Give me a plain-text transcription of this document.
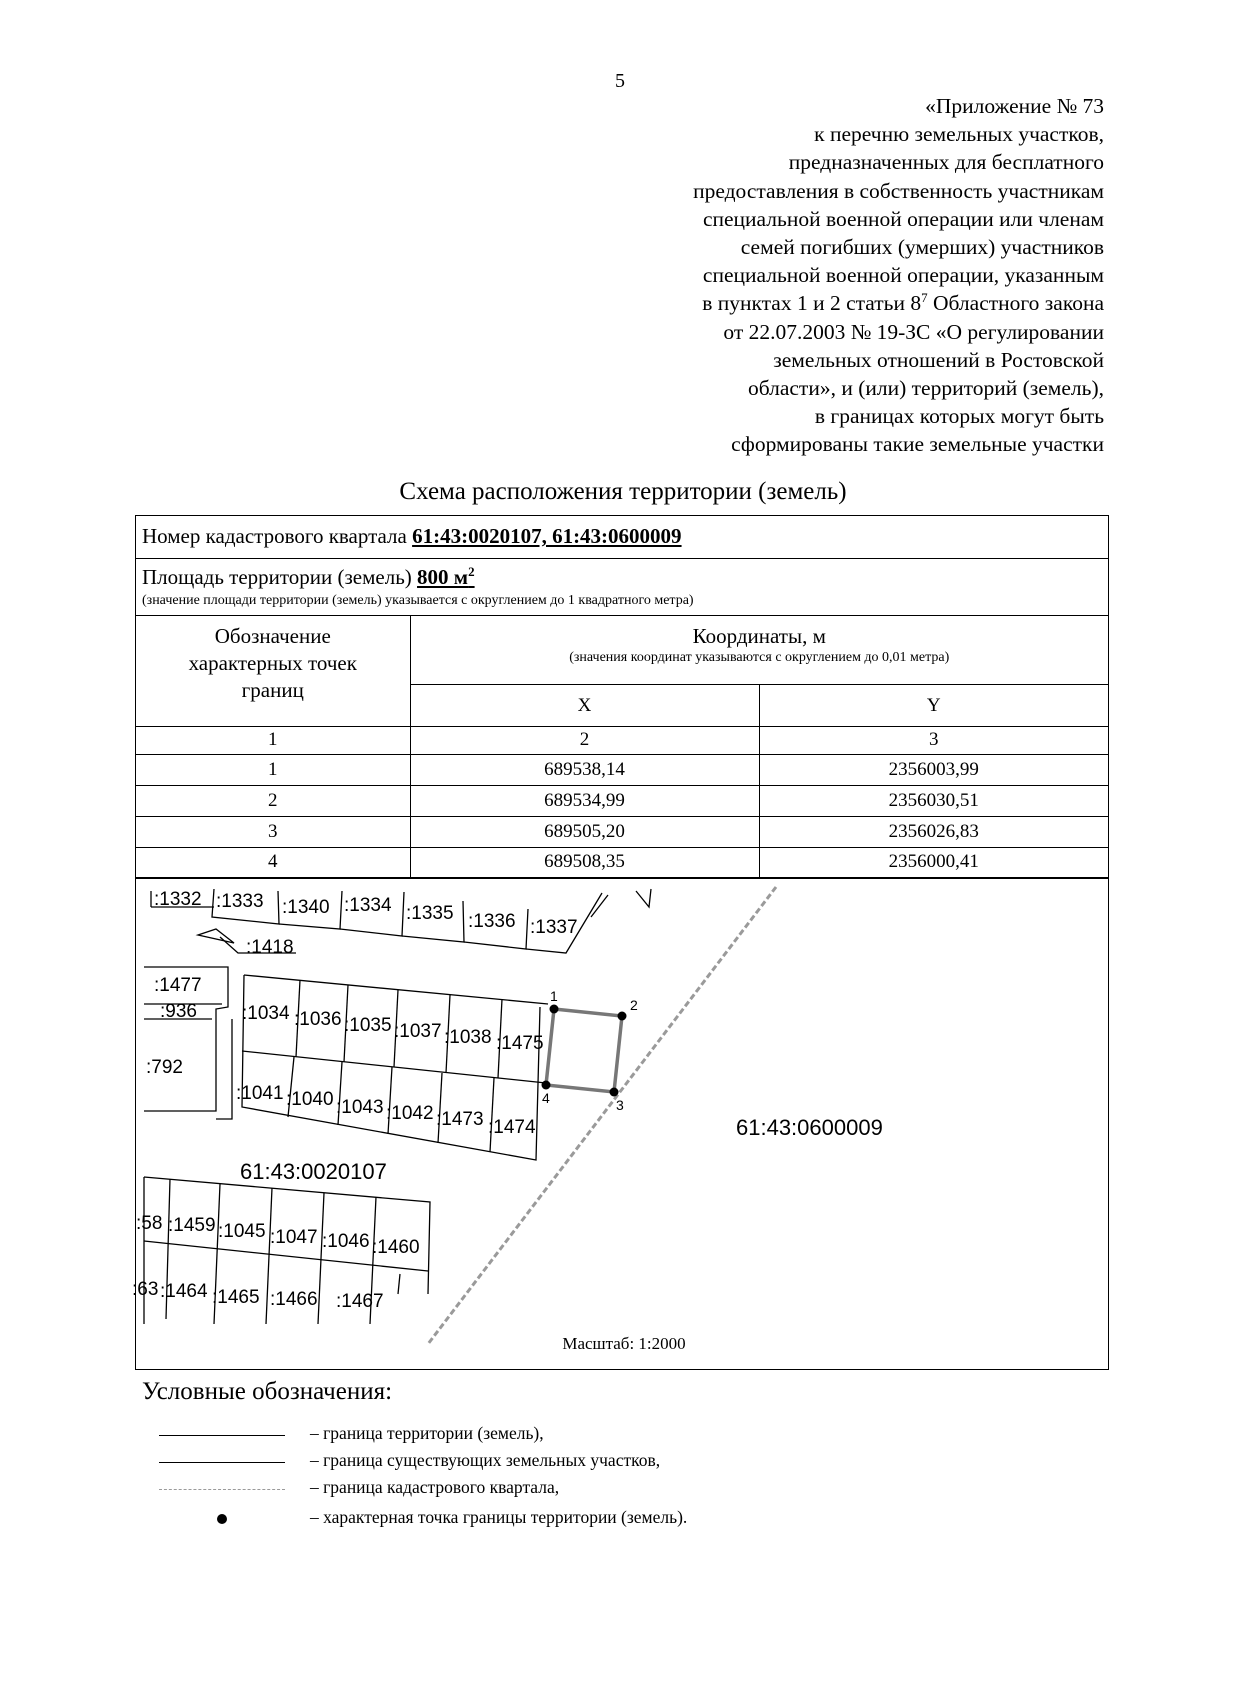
5
«Приложение № 73
к перечню земельных участков,
предназначенных для бесплатного
предоставления в собственность участникам
специальной военной операции или членам
семей погибших (умерших) участников
специальной военной операции, указанным
в пунктах 1 и 2 статьи $8^7$ Областного закона
от 22.07.2003 № 19-ЗС «О регулировании
земельных отношений в Ростовской
области», и (или) территорий (земель),
в границах которых могут быть
сформированы такие земельные участки
Схема расположения территории (земель)
Номер кадастрового квартала 61:43:0020107, 61:43:0600009
Площадь территории (земель) 800 $м^2$
(значение площади территории (земель) указывается с округлением до 1 квадратного метра)
Обозначение характерных точек границ	Координаты, м
(значения координат указываются с округлением до 0,01 метра)	

	X	Y
1	2	3
1	689538,14	2356003,99
2	689534,99	2356030,51
3	689505,20	2356026,83
4	689508,35	2356000,41
:1332 :1333 :1340 :1334 :1335 :1336 :1337
:1418
:1477
:936
:792
:1034 :1036 :1035 :1037 :1038 :1475
:1041 :1040 :1043 :1042 :1473 :1474
:58 :1459 :1045 :1047 :1046 :1460
:63 :1464 :1465 :1466 :1467
61:43:0020107
61:43:0600009
1
2
3
4
Масштаб: 1:2000
Условные обозначения:
– граница территории (земель),
– граница существующих земельных участков,
– граница кадастрового квартала,
– характерная точка границы территории (земель).
